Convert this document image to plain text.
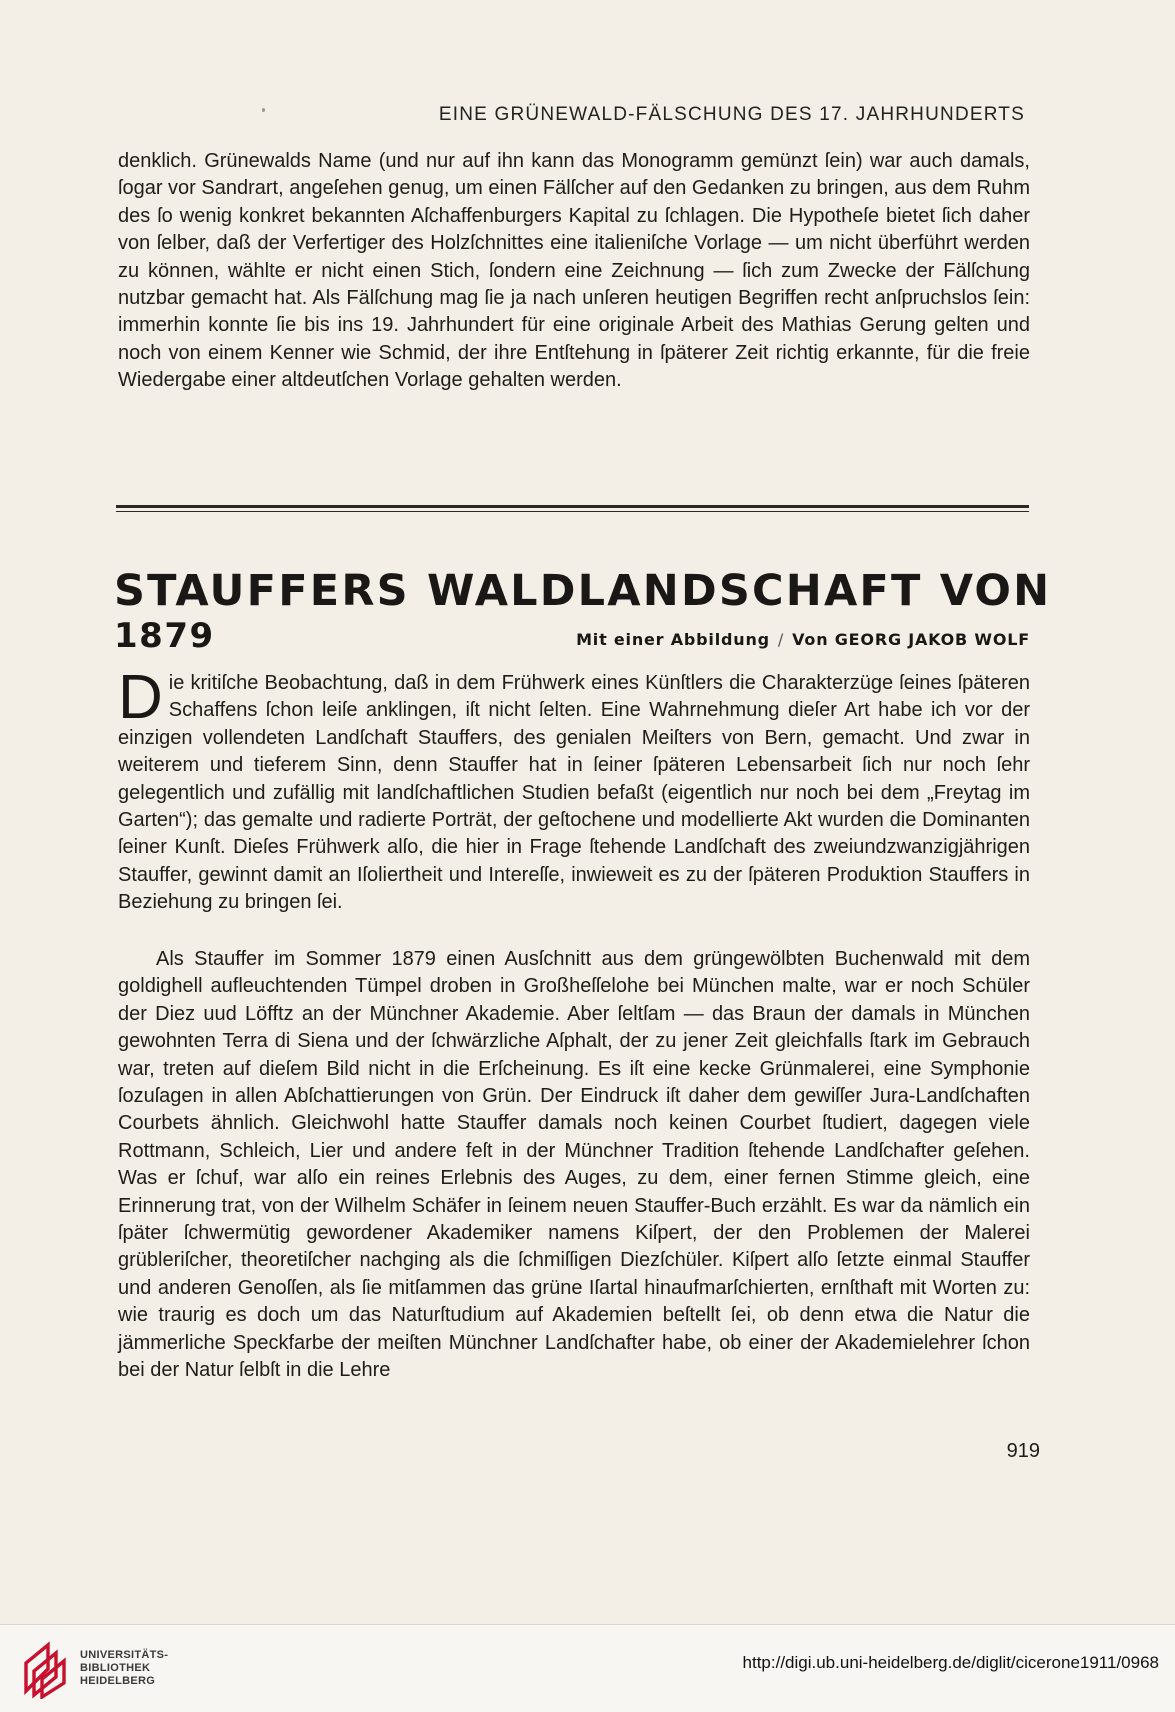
EINE GRÜNEWALD-FÄLSCHUNG DES 17. JAHRHUNDERTS
denklich. Grünewalds Name (und nur auf ihn kann das Monogramm gemünzt ſein) war auch damals, ſogar vor Sandrart, angeſehen genug, um einen Fälſcher auf den Gedanken zu bringen, aus dem Ruhm des ſo wenig konkret bekannten Aſchaffenburgers Kapital zu ſchlagen. Die Hypotheſe bietet ſich daher von ſelber, daß der Verfertiger des Holzſchnittes eine italieniſche Vorlage — um nicht überführt werden zu können, wählte er nicht einen Stich, ſondern eine Zeichnung — ſich zum Zwecke der Fälſchung nutzbar gemacht hat. Als Fälſchung mag ſie ja nach unſeren heutigen Begriffen recht anſpruchslos ſein: immerhin konnte ſie bis ins 19. Jahrhundert für eine originale Arbeit des Mathias Gerung gelten und noch von einem Kenner wie Schmid, der ihre Entſtehung in ſpäterer Zeit richtig erkannte, für die freie Wiedergabe einer altdeutſchen Vorlage gehalten werden.
STAUFFERS WALDLANDSCHAFT VON
1879	Mit einer Abbildung / Von GEORG JAKOB WOLF
Die kritiſche Beobachtung, daß in dem Frühwerk eines Künſtlers die Charakterzüge ſeines ſpäteren Schaffens ſchon leiſe anklingen, iſt nicht ſelten. Eine Wahrnehmung dieſer Art habe ich vor der einzigen vollendeten Landſchaft Stauffers, des genialen Meiſters von Bern, gemacht. Und zwar in weiterem und tieferem Sinn, denn Stauffer hat in ſeiner ſpäteren Lebensarbeit ſich nur noch ſehr gelegentlich und zufällig mit landſchaftlichen Studien befaßt (eigentlich nur noch bei dem „Freytag im Garten“); das gemalte und radierte Porträt, der geſtochene und modellierte Akt wurden die Dominanten ſeiner Kunſt. Dieſes Frühwerk alſo, die hier in Frage ſtehende Landſchaft des zweiundzwanzigjährigen Stauffer, gewinnt damit an Iſoliertheit und Intereſſe, inwieweit es zu der ſpäteren Produktion Stauffers in Beziehung zu bringen ſei.
Als Stauffer im Sommer 1879 einen Ausſchnitt aus dem grüngewölbten Buchenwald mit dem goldighell aufleuchtenden Tümpel droben in Großheſſelohe bei München malte, war er noch Schüler der Diez uud Löfftz an der Münchner Akademie. Aber ſeltſam — das Braun der damals in München gewohnten Terra di Siena und der ſchwärzliche Aſphalt, der zu jener Zeit gleichfalls ſtark im Gebrauch war, treten auf dieſem Bild nicht in die Erſcheinung. Es iſt eine kecke Grünmalerei, eine Symphonie ſozuſagen in allen Abſchattierungen von Grün. Der Eindruck iſt daher dem gewiſſer Jura-Landſchaften Courbets ähnlich. Gleichwohl hatte Stauffer damals noch keinen Courbet ſtudiert, dagegen viele Rottmann, Schleich, Lier und andere feſt in der Münchner Tradition ſtehende Landſchafter geſehen. Was er ſchuf, war alſo ein reines Erlebnis des Auges, zu dem, einer fernen Stimme gleich, eine Erinnerung trat, von der Wilhelm Schäfer in ſeinem neuen Stauffer-Buch erzählt. Es war da nämlich ein ſpäter ſchwermütig gewordener Akademiker namens Kiſpert, der den Problemen der Malerei grübleriſcher, theoretiſcher nachging als die ſchmiſſigen Diezſchüler. Kiſpert alſo ſetzte einmal Stauffer und anderen Genoſſen, als ſie mitſammen das grüne Iſartal hinaufmarſchierten, ernſthaft mit Worten zu: wie traurig es doch um das Naturſtudium auf Akademien beſtellt ſei, ob denn etwa die Natur die jämmerliche Speckfarbe der meiſten Münchner Landſchafter habe, ob einer der Akademielehrer ſchon bei der Natur ſelbſt in die Lehre
919
UNIVERSITÄTS-
BIBLIOTHEK
HEIDELBERG
http://digi.ub.uni-heidelberg.de/diglit/cicerone1911/0968
